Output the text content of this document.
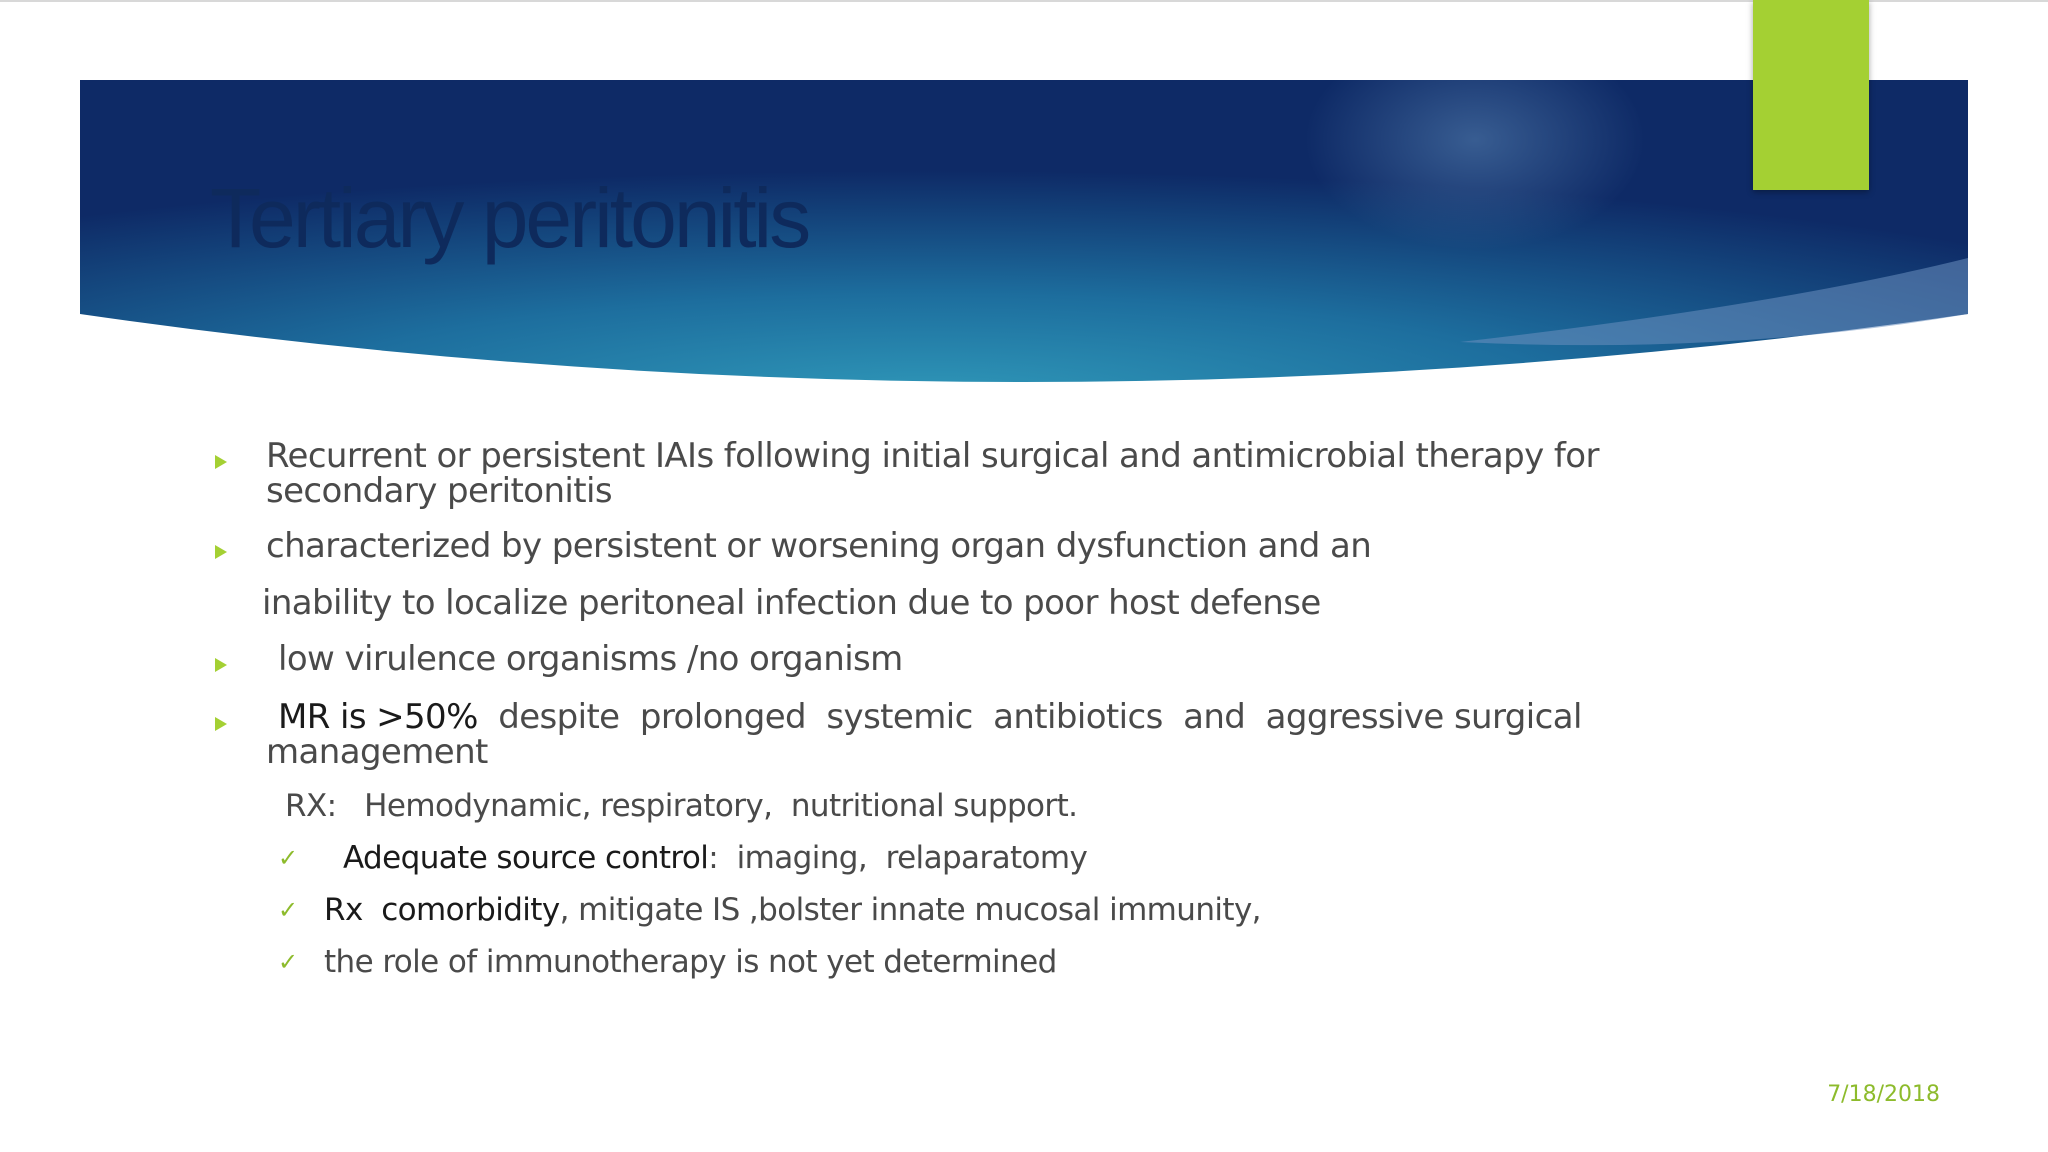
Tertiary peritonitis
Recurrent or persistent IAIs following initial surgical and antimicrobial therapy for
secondary peritonitis
characterized by persistent or worsening organ dysfunction and an
inability to localize peritoneal infection due to poor host defense
low virulence organisms /no organism
MR is >50%  despite  prolonged  systemic  antibiotics  and  aggressive surgical
management
RX:   Hemodynamic, respiratory,  nutritional support.
✓ Adequate source control:  imaging,  relaparatomy
✓ Rx  comorbidity, mitigate IS ,bolster innate mucosal immunity,
✓ the role of immunotherapy is not yet determined
7/18/2018
